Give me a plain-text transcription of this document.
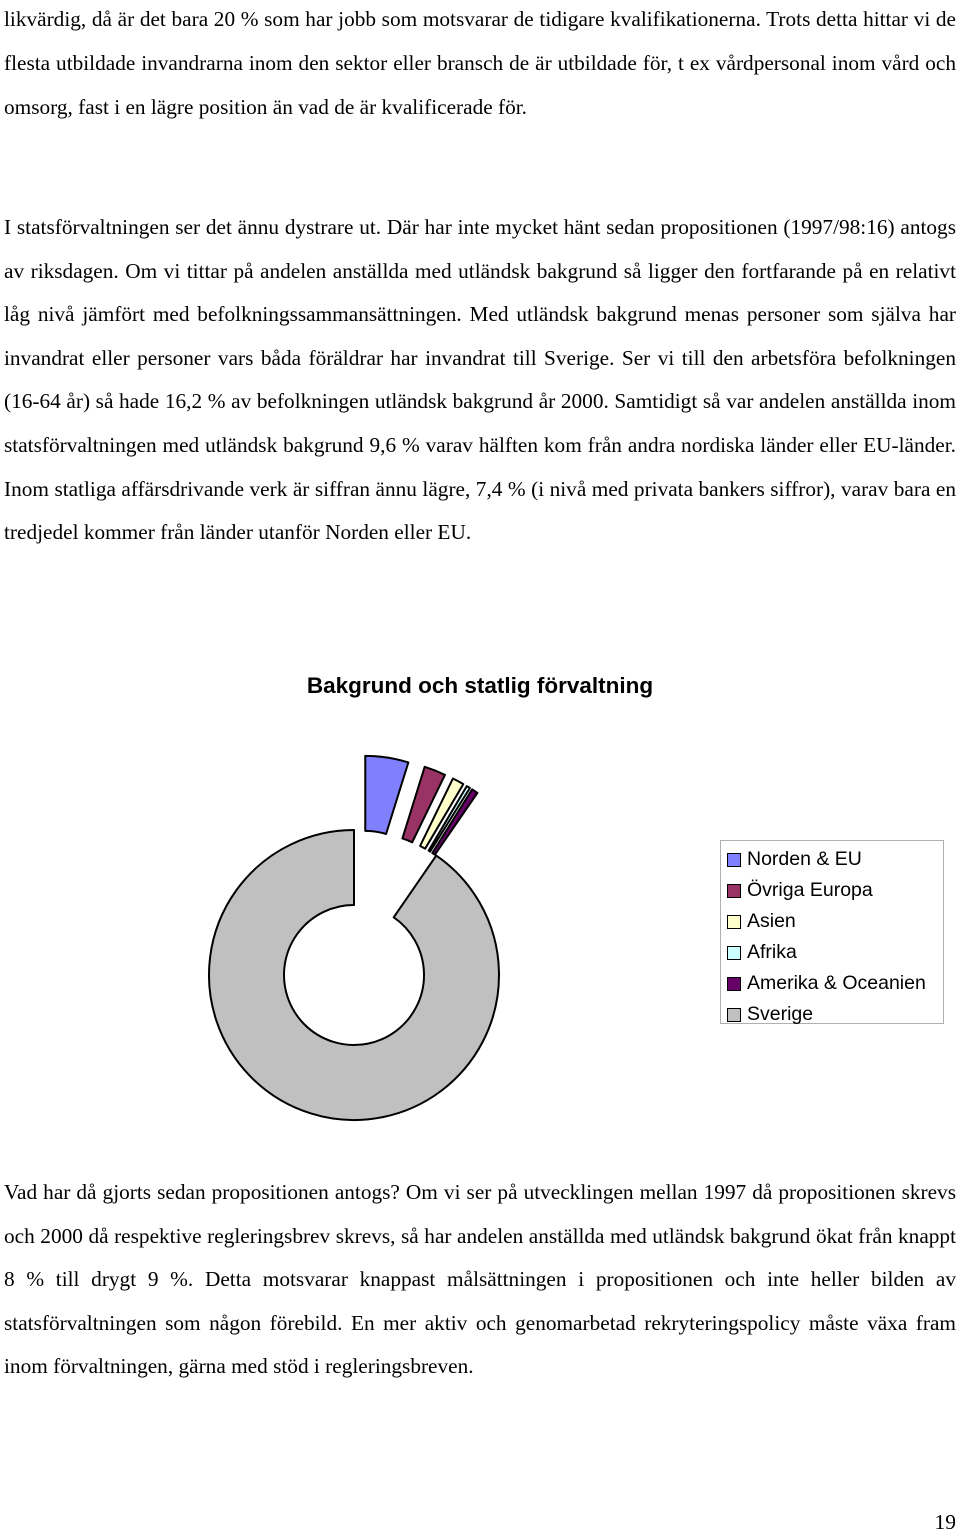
likvärdig, då är det bara 20 % som har jobb som motsvarar de tidigare kvalifikationerna. Trots detta hittar vi de flesta utbildade invandrarna inom den sektor eller bransch de är utbildade för, t ex vårdpersonal inom vård och omsorg, fast i en lägre position än vad de är kvalificerade för.

I statsförvaltningen ser det ännu dystrare ut. Där har inte mycket hänt sedan propositionen (1997/98:16) antogs av riksdagen. Om vi tittar på andelen anställda med utländsk bakgrund så ligger den fortfarande på en relativt låg nivå jämfört med befolkningssammansättningen. Med utländsk bakgrund menas personer som själva har invandrat eller personer vars båda föräldrar har invandrat till Sverige. Ser vi till den arbetsföra befolkningen (16-64 år) så hade 16,2 % av befolkningen utländsk bakgrund år 2000. Samtidigt så var andelen anställda inom statsförvaltningen med utländsk bakgrund 9,6 % varav hälften kom från andra nordiska länder eller EU-länder. Inom statliga affärsdrivande verk är siffran ännu lägre, 7,4 % (i nivå med privata bankers siffror), varav bara en tredjedel kommer från länder utanför Norden eller EU.

Bakgrund och statlig förvaltning
Norden & EU
Övriga Europa
Asien
Afrika
Amerika & Oceanien
Sverige

Vad har då gjorts sedan propositionen antogs? Om vi ser på utvecklingen mellan 1997 då propositionen skrevs och 2000 då respektive regleringsbrev skrevs, så har andelen anställda med utländsk bakgrund ökat från knappt 8 % till drygt 9 %. Detta motsvarar knappast målsättningen i propositionen och inte heller bilden av statsförvaltningen som någon förebild. En mer aktiv och genomarbetad rekryteringspolicy måste växa fram inom förvaltningen, gärna med stöd i regleringsbreven.

19
